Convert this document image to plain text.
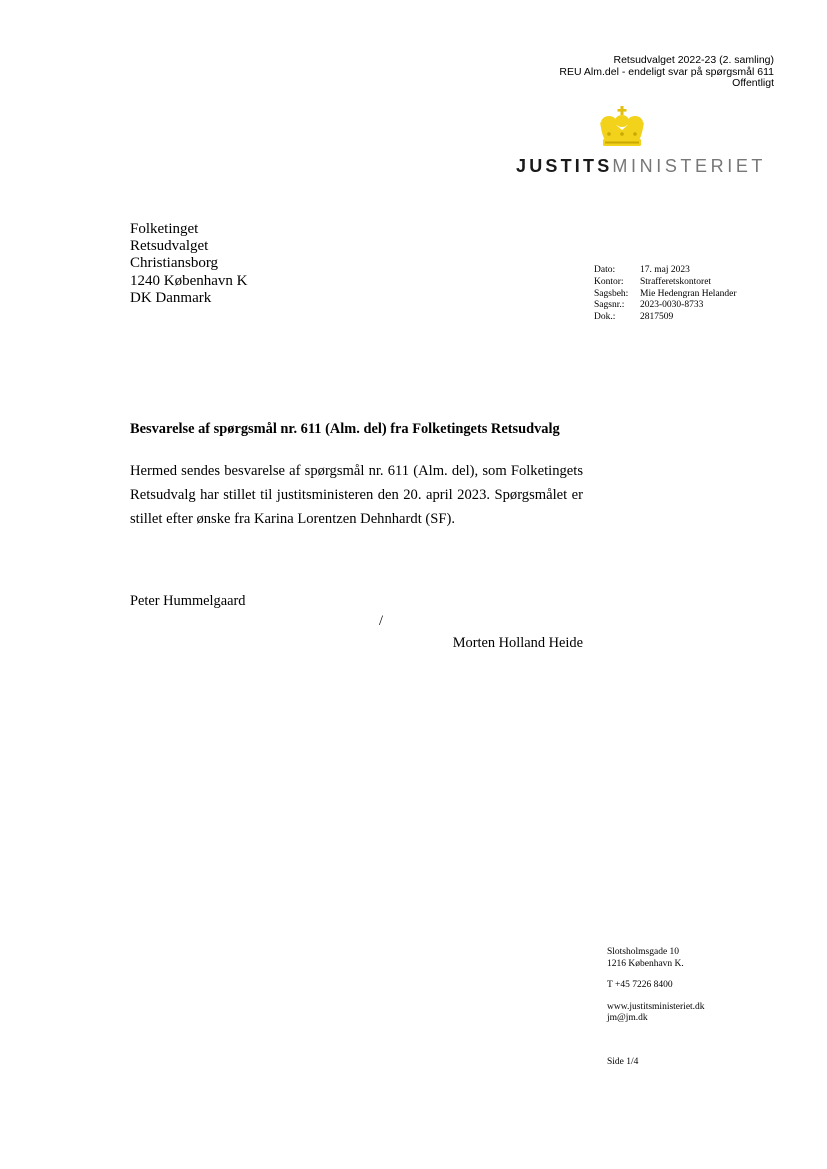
Retsudvalget 2022-23 (2. samling)
REU Alm.del - endeligt svar på spørgsmål 611
Offentligt
JUSTITSMINISTERIET
Folketinget
Retsudvalget
Christiansborg
1240 København K
DK Danmark
Dato:	17. maj 2023
Kontor:	Strafferetskontoret
Sagsbeh:	Mie Hedengran Helander
Sagsnr.:	2023-0030-8733
Dok.:	2817509
Besvarelse af spørgsmål nr. 611 (Alm. del) fra Folketingets Retsudvalg
Hermed sendes besvarelse af spørgsmål nr. 611 (Alm. del), som Folketingets Retsudvalg har stillet til justitsministeren den 20. april 2023. Spørgsmålet er stillet efter ønske fra Karina Lorentzen Dehnhardt (SF).
Peter Hummelgaard
/
Morten Holland Heide
Slotsholmsgade 10
1216 København K.
T +45 7226 8400
www.justitsministeriet.dk
jm@jm.dk
Side 1/4
